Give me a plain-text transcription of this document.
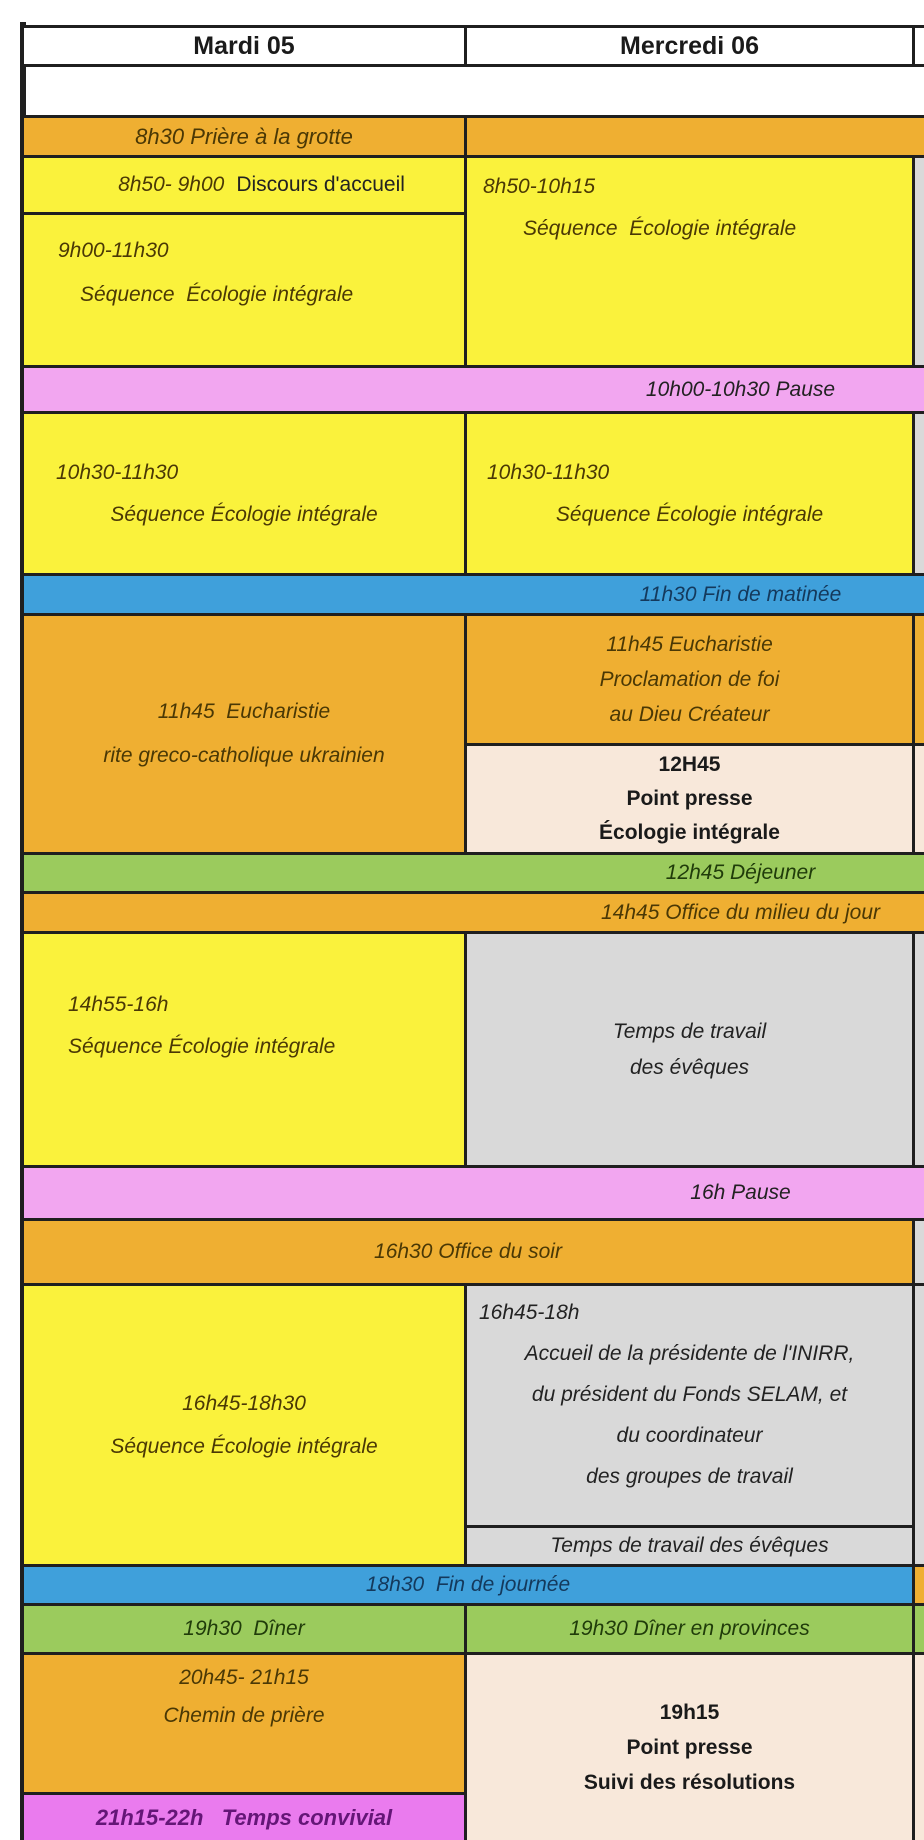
Mardi 05	Mercredi 06
8h30 Prière à la grotte

8h50- 9h00 Discours d'accueil

9h00-11h30
Séquence  Écologie intégrale
8h50-10h15
Séquence  Écologie intégrale
10h00-10h30 Pause
10h30-11h30
Séquence Écologie intégrale
10h30-11h30
Séquence Écologie intégrale
11h30 Fin de matinée
11h45  Eucharistie
rite greco-catholique ukrainien
11h45 Eucharistie
Proclamation de foi
au Dieu Créateur
12H45
Point presse
Écologie intégrale
12h45 Déjeuner
14h45 Office du milieu du jour
14h55-16h
Séquence Écologie intégrale
Temps de travail
des évêques
16h Pause
16h30 Office du soir
16h45-18h30
Séquence Écologie intégrale
16h45-18h
Accueil de la présidente de l'INIRR,
du président du Fonds SELAM, et
du coordinateur
des groupes de travail
Temps de travail des évêques
18h30  Fin de journée
19h30  Dîner	19h30 Dîner en provinces
20h45- 21h15
Chemin de prière
21h15-22h   Temps convivial
19h15
Point presse
Suivi des résolutions
